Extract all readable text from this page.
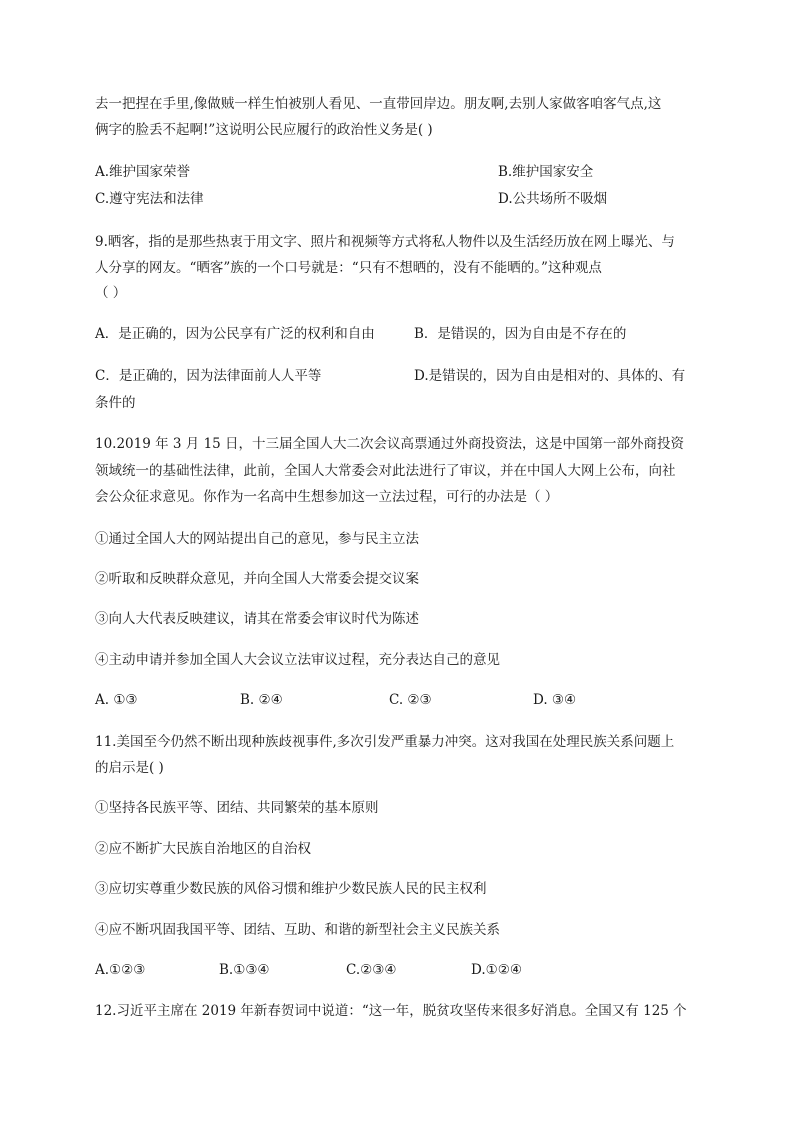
去一把捏在手里,像做贼一样生怕被别人看见、一直带回岸边。朋友啊,去别人家做客咱客气点,这
俩字的脸丢不起啊!”这说明公民应履行的政治性义务是( )
A.维护国家荣誉	B.维护国家安全
C.遵守宪法和法律	D.公共场所不吸烟
9.晒客，指的是那些热衷于用文字、照片和视频等方式将私人物件以及生活经历放在网上曝光、与
人分享的网友。“晒客”族的一个口号就是：“只有不想晒的，没有不能晒的。”这种观点
（ ）
A．是正确的，因为公民享有广泛的权利和自由	B．是错误的，因为自由是不存在的
C．是正确的，因为法律面前人人平等	D.是错误的，因为自由是相对的、具体的、有
条件的
10.2019 年 3 月 15 日，十三届全国人大二次会议高票通过外商投资法，这是中国第一部外商投资
领域统一的基础性法律，此前，全国人大常委会对此法进行了审议，并在中国人大网上公布，向社
会公众征求意见。你作为一名高中生想参加这一立法过程，可行的办法是（ ）
①通过全国人大的网站提出自己的意见，参与民主立法
②听取和反映群众意见，并向全国人大常委会提交议案
③向人大代表反映建议，请其在常委会审议时代为陈述
④主动申请并参加全国人大会议立法审议过程，充分表达自己的意见
A. ①③	B. ②④	C. ②③	D. ③④
11.美国至今仍然不断出现种族歧视事件,多次引发严重暴力冲突。这对我国在处理民族关系问题上
的启示是( )
①坚持各民族平等、团结、共同繁荣的基本原则
②应不断扩大民族自治地区的自治权
③应切实尊重少数民族的风俗习惯和维护少数民族人民的民主权利
④应不断巩固我国平等、团结、互助、和谐的新型社会主义民族关系
A.①②③	B.①③④	C.②③④	D.①②④
12.习近平主席在 2019 年新春贺词中说道：“这一年，脱贫攻坚传来很多好消息。全国又有 125 个
